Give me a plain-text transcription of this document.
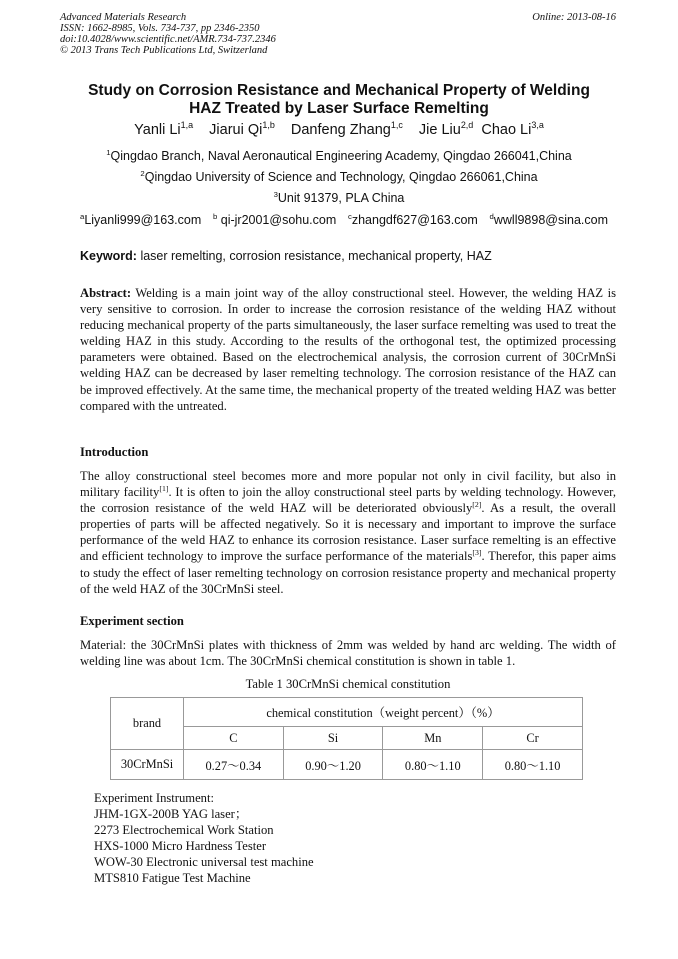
Advanced Materials Research
ISSN: 1662-8985, Vols. 734-737, pp 2346-2350
doi:10.4028/www.scientific.net/AMR.734-737.2346
© 2013 Trans Tech Publications Ltd, Switzerland
Online: 2013-08-16
Study on Corrosion Resistance and Mechanical Property of Welding
HAZ Treated by Laser Surface Remelting
Yanli Li$^{1,a}$ Jiarui Qi$^{1,b}$ Danfeng Zhang$^{1,c}$ Jie Liu$^{2,d}$ Chao Li$^{3,a}$
$^1$Qingdao Branch, Naval Aeronautical Engineering Academy, Qingdao 266041,China
$^2$Qingdao University of Science and Technology, Qingdao 266061,China
$^3$Unit 91379, PLA China
$^a$Liyanli999@163.com $^b$ qi-jr2001@sohu.com $^c$zhangdf627@163.com $^d$wwll9898@sina.com
Keyword: laser remelting, corrosion resistance, mechanical property, HAZ
Abstract: Welding is a main joint way of the alloy constructional steel. However, the welding HAZ is very sensitive to corrosion. In order to increase the corrosion resistance of the welding HAZ without reducing mechanical property of the parts simultaneously, the laser surface remelting was used to treat the welding HAZ in this study. According to the results of the orthogonal test, the optimized processing parameters were obtained. Based on the electrochemical analysis, the corrosion current of 30CrMnSi welding HAZ can be decreased by laser remelting technology. The corrosion resistance of the HAZ can be improved effectively. At the same time, the mechanical property of the treated welding HAZ was better compared with the untreated.
Introduction
The alloy constructional steel becomes more and more popular not only in civil facility, but also in military facility[1]. It is often to join the alloy constructional steel parts by welding technology. However, the corrosion resistance of the weld HAZ will be deteriorated obviously[2]. As a result, the overall properties of parts will be affected negatively. So it is necessary and important to improve the surface performance of the weld HAZ to enhance its corrosion resistance. Laser surface remelting is an effective and efficient technology to improve the surface performance of the materials[3]. Therefor, this paper aims to study the effect of laser remelting technology on corrosion resistance property and mechanical property of the weld HAZ of the 30CrMnSi steel.
Experiment section
Material: the 30CrMnSi plates with thickness of 2mm was welded by hand arc welding. The width of welding line was about 1cm. The 30CrMnSi chemical constitution is shown in table 1.
Table 1 30CrMnSi chemical constitution
brand	chemical constitution（weight percent）（%）			
	C	Si	Mn	Cr
30CrMnSi	0.27～0.34	0.90～1.20	0.80～1.10	0.80～1.10
Experiment Instrument:
JHM-1GX-200B YAG laser；
2273 Electrochemical Work Station
HXS-1000 Micro Hardness Tester
WOW-30 Electronic universal test machine
MTS810 Fatigue Test Machine
